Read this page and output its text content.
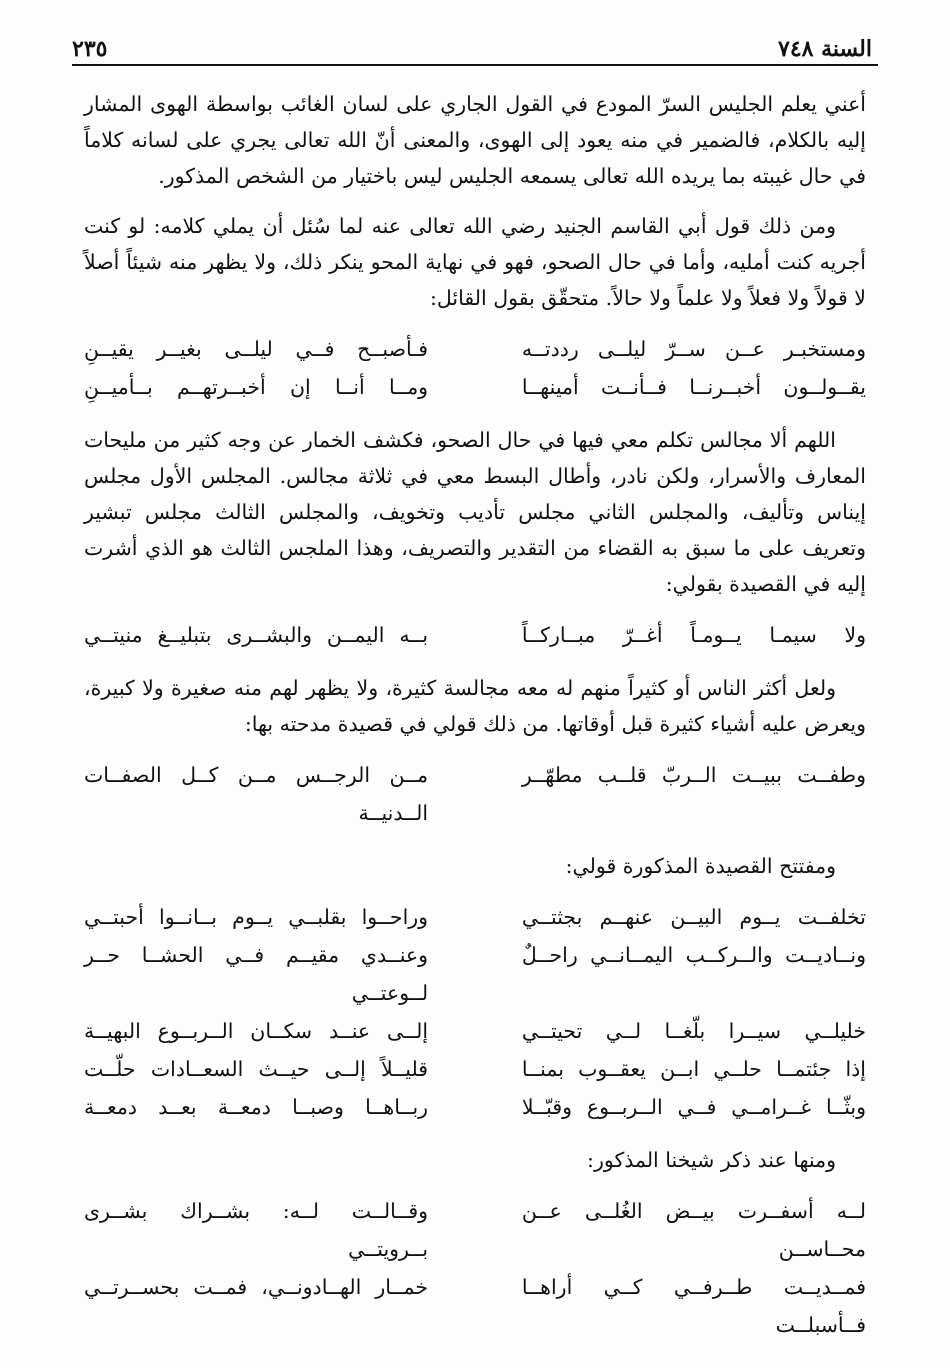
السنة ٧٤٨
٢٣٥

أعني يعلم الجليس السرّ المودع في القول الجاري على لسان الغائب بواسطة الهوى المشار إليه بالكلام، فالضمير في منه يعود إلى الهوى، والمعنى أنّ الله تعالى يجري على لسانه كلاماً في حال غيبته بما يريده الله تعالى يسمعه الجليس ليس باختيار من الشخص المذكور.

ومن ذلك قول أبي القاسم الجنيد رضي الله تعالى عنه لما سُئل أن يملي كلامه: لو كنت أجريه كنت أمليه، وأما في حال الصحو، فهو في نهاية المحو ينكر ذلك، ولا يظهر منه شيئاً أصلاً لا قولاً ولا فعلاً ولا علماً ولا حالاً. متحقّق بقول القائل:

ومستخبـر عــن ســرّ ليلــى رددتــه
فـأصبــح فــي ليلــى بغيــر يقيــنِ
يقــولــون أخبــرنــا فــأنــت أمينهــا
ومــا أنــا إن أخبــرتهــم بــأميــنِ

اللهم ألا مجالس تكلم معي فيها في حال الصحو، فكشف الخمار عن وجه كثير من مليحات المعارف والأسرار، ولكن نادر، وأطال البسط معي في ثلاثة مجالس. المجلس الأول مجلس إيناس وتأليف، والمجلس الثاني مجلس تأديب وتخويف، والمجلس الثالث مجلس تبشير وتعريف على ما سبق به القضاء من التقدير والتصريف، وهذا الملجس الثالث هو الذي أشرت إليه في القصيدة بقولي:

ولا سيمـا يــومـاً أغــرّ مبــاركــاً
بــه اليمــن والبشــرى بتبليــغ منيتــي

ولعل أكثر الناس أو كثيراً منهم له معه مجالسة كثيرة، ولا يظهر لهم منه صغيرة ولا كبيرة، ويعرض عليه أشياء كثيرة قبل أوقاتها. من ذلك قولي في قصيدة مدحته بها:

وطفــت ببيــت الــربّ قلــب مطهّــر
مــن الرجــس مــن كــل الصفــات الــدنيــة

ومفتتح القصيدة المذكورة قولي:

تخلفــت يــوم البيــن عنهــم بجثتــي
وراحــوا بقلبــي يــوم بــانــوا أحبتــي
ونــاديــت والــركــب اليمــانــي راحــلٌ
وعنــدي مقيــم فــي الحشــا حــر لــوعتــي
خليلــي سيــرا بلّغــا لــي تحيتــي
إلــى عنــد سكــان الــربــوع البهيــة
إذا جئتمــا حلــي ابــن يعقــوب بمنــا
قليــلاً إلــى حيــث السعــادات حلّــت
وبثّــا غــرامــي فــي الــربــوع وقبّــلا
ربــاهــا وصبــا دمعــة بعــد دمعــة

ومنها عند ذكر شيخنا المذكور:

لــه أسفــرت بيــض الغُلــى عــن محــاســن
وقــالــت لــه: بشــراك بشــرى بــرويتــي
فمــديــت طــرفــي كــي أراهــا فــأسبلــت
خمــار الهــادونــي، فمــت بحســرتــي
